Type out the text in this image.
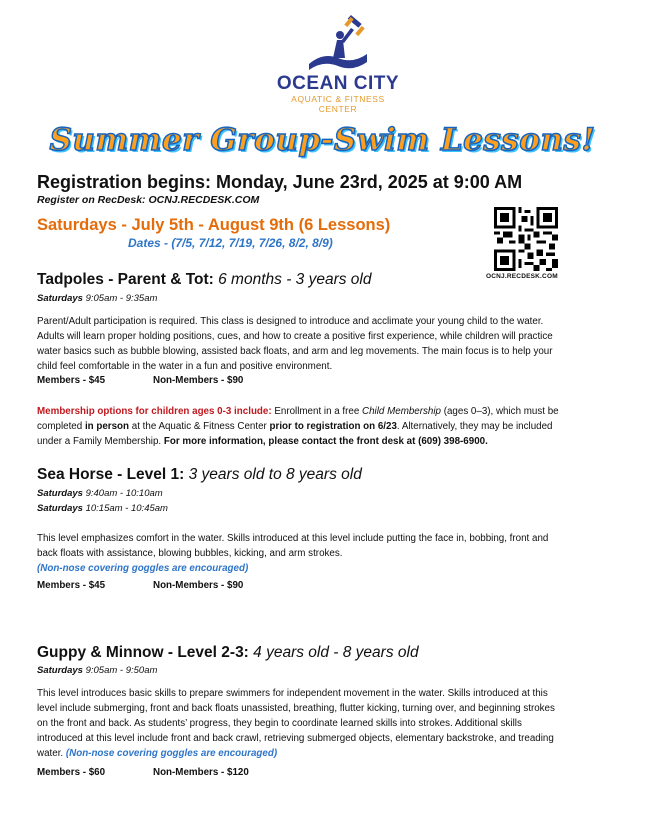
OCEAN CITY
AQUATIC & FITNESS
CENTER
Summer Group-Swim Lessons!
Registration begins: Monday, June 23rd, 2025 at 9:00 AM
Register on RecDesk: OCNJ.RECDESK.COM
Saturdays - July 5th - August 9th (6 Lessons)
Dates - (7/5, 7/12, 7/19, 7/26, 8/2, 8/9)
OCNJ.RECDESK.COM
Tadpoles - Parent & Tot: 6 months - 3 years old
Saturdays 9:05am - 9:35am
Parent/Adult participation is required. This class is designed to introduce and acclimate your young child to the water.
Adults will learn proper holding positions, cues, and how to create a positive first experience, while children will practice
water basics such as bubble blowing, assisted back floats, and arm and leg movements. The main focus is to help your
child feel comfortable in the water in a fun and positive environment.
Members - $45	Non-Members - $90
Membership options for children ages 0-3 include: Enrollment in a free Child Membership (ages 0–3), which must be
completed in person at the Aquatic & Fitness Center prior to registration on 6/23. Alternatively, they may be included
under a Family Membership. For more information, please contact the front desk at (609) 398-6900.
Sea Horse - Level 1: 3 years old to 8 years old
Saturdays 9:40am - 10:10am
Saturdays 10:15am - 10:45am
This level emphasizes comfort in the water. Skills introduced at this level include putting the face in, bobbing, front and
back floats with assistance, blowing bubbles, kicking, and arm strokes.
(Non-nose covering goggles are encouraged)
Members - $45	Non-Members - $90
Guppy & Minnow - Level 2-3: 4 years old - 8 years old
Saturdays 9:05am - 9:50am
This level introduces basic skills to prepare swimmers for independent movement in the water. Skills introduced at this
level include submerging, front and back floats unassisted, breathing, flutter kicking, turning over, and beginning strokes
on the front and back. As students’ progress, they begin to coordinate learned skills into strokes. Additional skills
introduced at this level include front and back crawl, retrieving submerged objects, elementary backstroke, and treading
water. (Non-nose covering goggles are encouraged)
Members - $60	Non-Members - $120
